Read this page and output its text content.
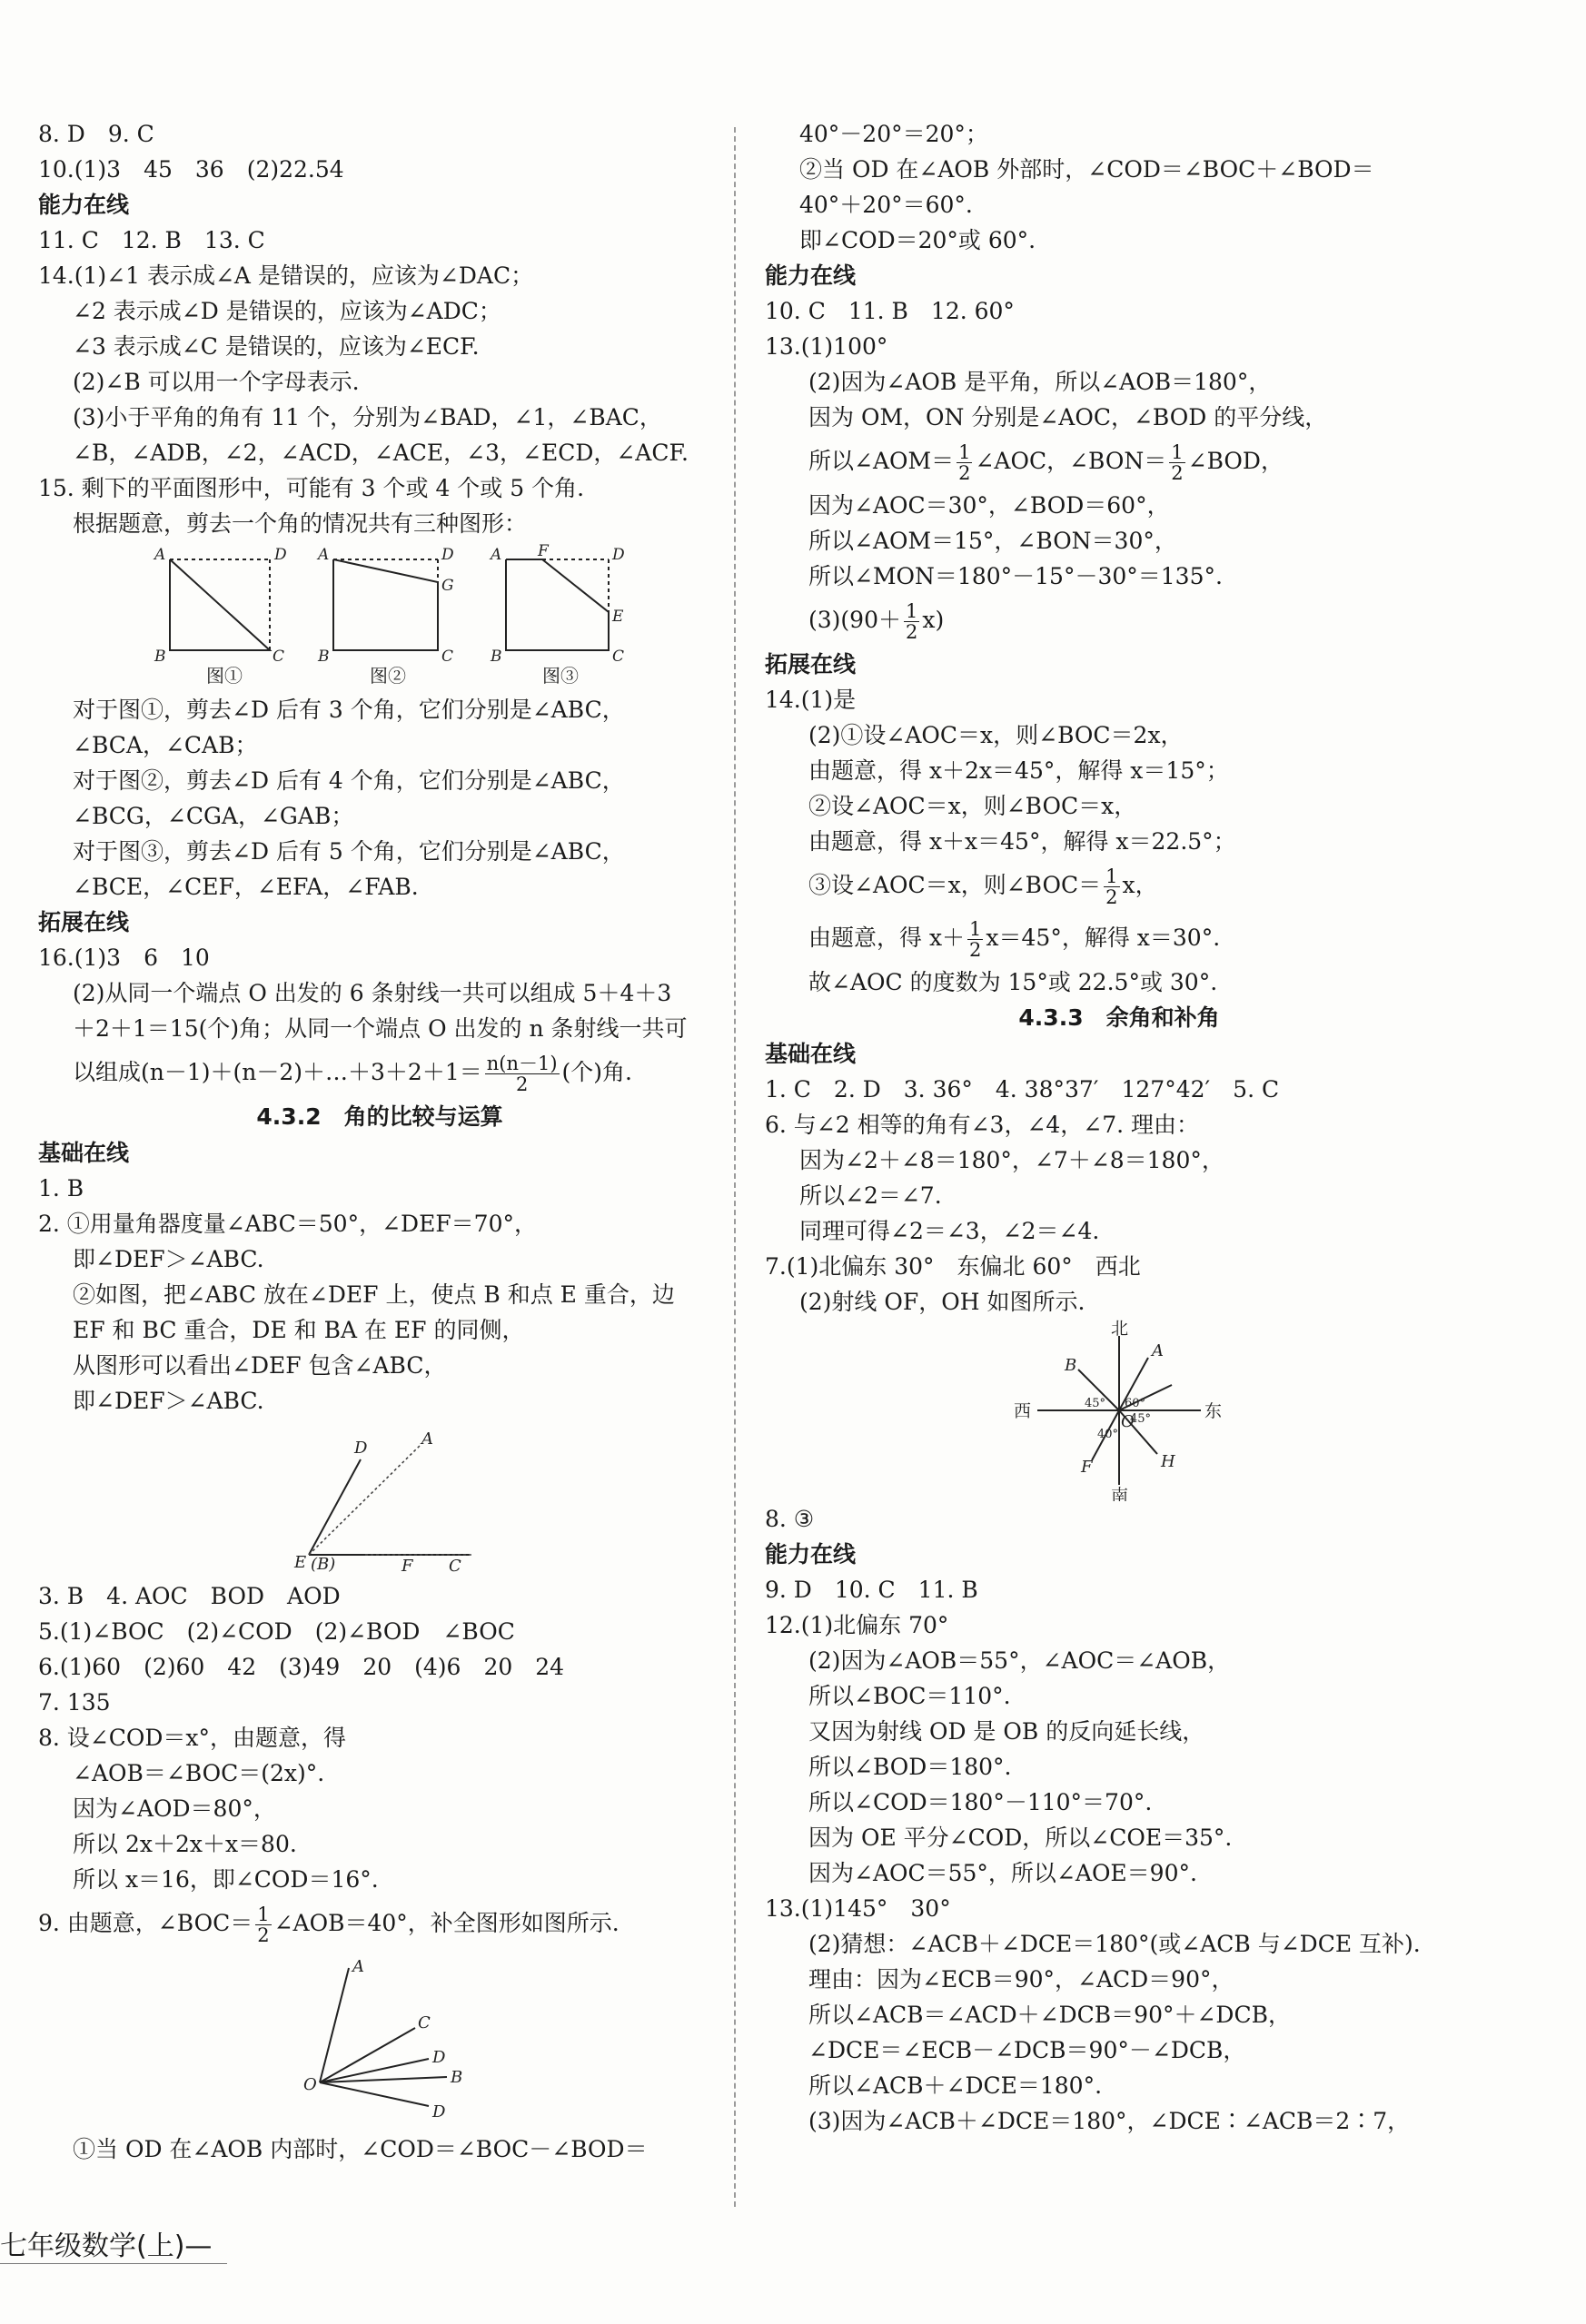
8. D　9. C
10.(1)3　45　36　(2)22.54
能力在线
11. C　12. B　13. C
14.(1)∠1 表示成∠A 是错误的，应该为∠DAC；
∠2 表示成∠D 是错误的，应该为∠ADC；
∠3 表示成∠C 是错误的，应该为∠ECF.
(2)∠B 可以用一个字母表示.
(3)小于平角的角有 11 个，分别为∠BAD，∠1，∠BAC，
∠B，∠ADB，∠2，∠ACD，∠ACE，∠3，∠ECD，∠ACF.
15. 剩下的平面图形中，可能有 3 个或 4 个或 5 个角.
根据题意，剪去一个角的情况共有三种图形：
A	D
B	C
A	D
G
B	C
A F	D
E
B	C
图①	图②	图③
对于图①，剪去∠D 后有 3 个角，它们分别是∠ABC，
∠BCA，∠CAB；
对于图②，剪去∠D 后有 4 个角，它们分别是∠ABC，
∠BCG，∠CGA，∠GAB；
对于图③，剪去∠D 后有 5 个角，它们分别是∠ABC，
∠BCE，∠CEF，∠EFA，∠FAB.
拓展在线
16.(1)3　6　10
(2)从同一个端点 O 出发的 6 条射线一共可以组成 5＋4＋3
＋2＋1＝15(个)角；从同一个端点 O 出发的 n 条射线一共可
以组成(n－1)＋(n－2)＋…＋3＋2＋1＝ $\frac{n(n-1)}{2}$ (个)角.
4.3.2　角的比较与运算
基础在线
1. B
2. ①用量角器度量∠ABC＝50°，∠DEF＝70°，
即∠DEF＞∠ABC.
②如图，把∠ABC 放在∠DEF 上，使点 B 和点 E 重合，边
EF 和 BC 重合，DE 和 BA 在 EF 的同侧，
从图形可以看出∠DEF 包含∠ABC，
即∠DEF＞∠ABC.
D	A
E (B)	F C
3. B　4. AOC　BOD　AOD
5.(1)∠BOC　(2)∠COD　(2)∠BOD　∠BOC
6.(1)60　(2)60　42　(3)49　20　(4)6　20　24
7. 135
8. 设∠COD＝x°，由题意，得
∠AOB＝∠BOC＝(2x)°.
因为∠AOD＝80°，
所以 2x＋2x＋x＝80.
所以 x＝16，即∠COD＝16°.
9. 由题意，∠BOC＝ $\frac{1}{2}$ ∠AOB＝40°，补全图形如图所示.
A
C
D
B
D
O
①当 OD 在∠AOB 内部时，∠COD＝∠BOC－∠BOD＝
40°－20°＝20°；
②当 OD 在∠AOB 外部时，∠COD＝∠BOC＋∠BOD＝
40°＋20°＝60°.
即∠COD＝20°或 60°.
能力在线
10. C　11. B　12. 60°
13.(1)100°
(2)因为∠AOB 是平角，所以∠AOB＝180°，
因为 OM，ON 分别是∠AOC，∠BOD 的平分线，
所以∠AOM＝ $\frac{1}{2}$ ∠AOC，∠BON＝ $\frac{1}{2}$ ∠BOD，
因为∠AOC＝30°，∠BOD＝60°，
所以∠AOM＝15°，∠BON＝30°，
所以∠MON＝180°－15°－30°＝135°.
$(3)(90+ \frac{1}{2} x)$
拓展在线
14.(1)是
(2)①设∠AOC＝x，则∠BOC＝2x，
由题意，得 x＋2x＝45°，解得 x＝15°；
②设∠AOC＝x，则∠BOC＝x，
由题意，得 x＋x＝45°，解得 x＝22.5°；
③设∠AOC＝x，则∠BOC＝ $\frac{1}{2}$ x，
由题意，得 $x+ \frac{1}{2} x=45^\circ$，解得 x＝30°.
故∠AOC 的度数为 15°或 22.5°或 30°.
4.3.3　余角和补角
基础在线
1. C　2. D　3. 36°　4. 38°37′　127°42′　5. C
6. 与∠2 相等的角有∠3，∠4，∠7. 理由：
因为∠2＋∠8＝180°，∠7＋∠8＝180°，
所以∠2＝∠7.
同理可得∠2＝∠3，∠2＝∠4.
7.(1)北偏东 30°　东偏北 60°　西北
(2)射线 OF，OH 如图所示.
北
南
东
西
A
B
H
F
O
45° 60°
45°
40°
8. ③
能力在线
9. D　10. C　11. B
12.(1)北偏东 70°
(2)因为∠AOB＝55°，∠AOC＝∠AOB，
所以∠BOC＝110°.
又因为射线 OD 是 OB 的反向延长线，
所以∠BOD＝180°.
所以∠COD＝180°－110°＝70°.
因为 OE 平分∠COD，所以∠COE＝35°.
因为∠AOC＝55°，所以∠AOE＝90°.
13.(1)145°　30°
(2)猜想：∠ACB＋∠DCE＝180°(或∠ACB 与∠DCE 互补).
理由：因为∠ECB＝90°，∠ACD＝90°，
所以∠ACB＝∠ACD＋∠DCB＝90°＋∠DCB，
∠DCE＝∠ECB－∠DCB＝90°－∠DCB，
所以∠ACB＋∠DCE＝180°.
(3)因为∠ACB＋∠DCE＝180°，∠DCE∶∠ACB＝2∶7，
七年级数学(上)—
